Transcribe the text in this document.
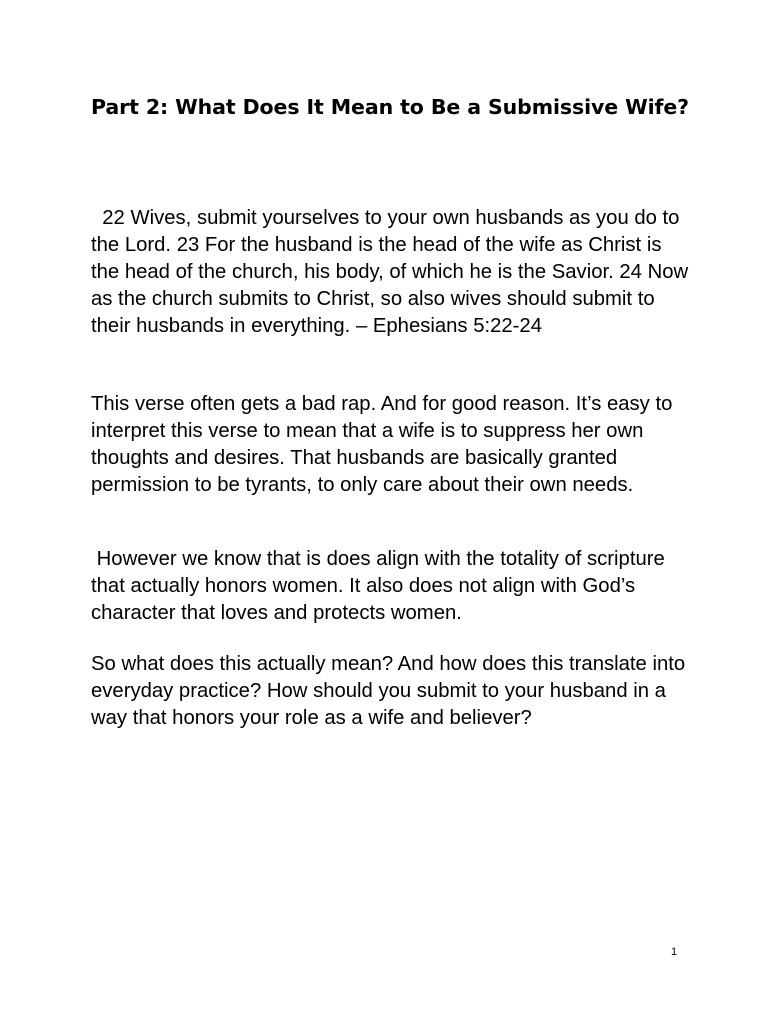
Part 2: What Does It Mean to Be a Submissive Wife?

22 Wives, submit yourselves to your own husbands as you do to the Lord. 23 For the husband is the head of the wife as Christ is the head of the church, his body, of which he is the Savior. 24 Now as the church submits to Christ, so also wives should submit to their husbands in everything. – Ephesians 5:22-24

This verse often gets a bad rap. And for good reason. It’s easy to interpret this verse to mean that a wife is to suppress her own thoughts and desires. That husbands are basically granted permission to be tyrants, to only care about their own needs.

However we know that is does align with the totality of scripture that actually honors women. It also does not align with God’s character that loves and protects women.

So what does this actually mean? And how does this translate into everyday practice? How should you submit to your husband in a way that honors your role as a wife and believer?

1
